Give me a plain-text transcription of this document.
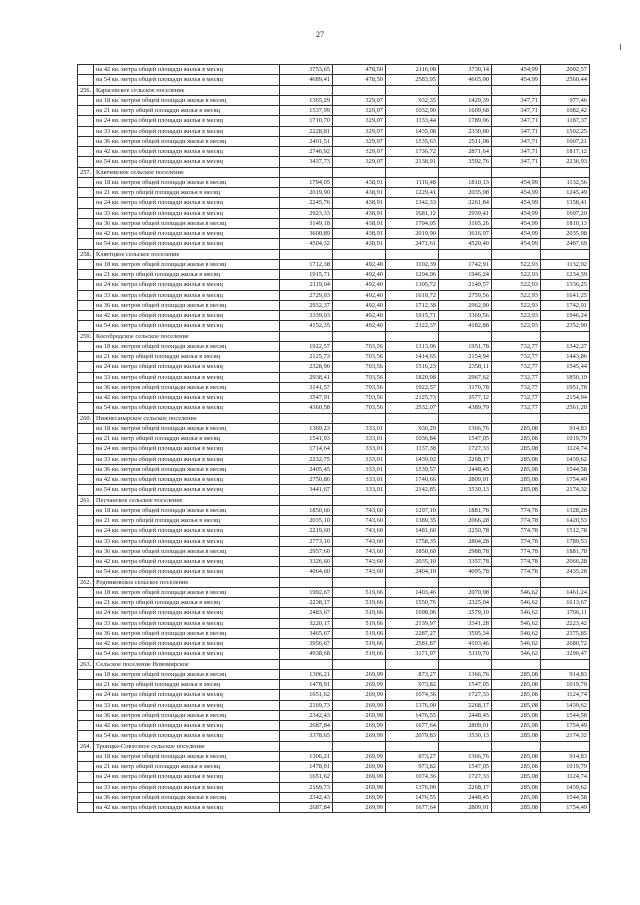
27
	на 42 кв. метра общей площади жилья в месяц	3753,65	478,50	2116,08	3730,14	454,99	2092,57
	на 54 кв. метра общей площади жилья в месяц	4689,41	478,50	2583,95	4665,90	454,99	2560,44
256.	Карасевское сельское поселение						
	на 18 кв. метров общей площади жилья в месяц	1365,29	329,07	932,35	1429,39	347,71	977,46
	на 21 кв. метр общей площади жилья в месяц	1537,99	329,07	1032,90	1609,68	347,71	1082,42
	на 24 кв. метра общей площади жилья в месяц	1710,70	329,07	1133,44	1789,96	347,71	1187,37
	на 33 кв. метра общей площади жилья в месяц	2228,81	329,07	1435,08	2330,80	347,71	1502,25
	на 36 кв. метров общей площади жилья в месяц	2401,51	329,07	1535,63	2511,08	347,71	1607,21
	на 42 кв. метра общей площади жилья в месяц	2746,92	329,07	1736,72	2871,64	347,71	1817,12
	на 54 кв. метра общей площади жилья в месяц	3437,73	329,07	2138,91	3592,76	347,71	2236,93
257.	Ключевское сельское поселение						
	на 18 кв. метров общей площади жилья в месяц	1794,05	438,91	1116,48	1810,13	454,99	1132,56
	на 21 кв. метр общей площади жилья в месяц	2019,90	438,91	1229,41	2035,98	454,99	1245,49
	на 24 кв. метра общей площади жилья в месяц	2245,76	438,91	1342,33	2261,84	454,99	1358,41
	на 33 кв. метра общей площади жилья в месяц	2923,33	438,91	1681,12	2939,41	454,99	1697,20
	на 36 кв. метров общей площади жилья в месяц	3149,18	438,91	1794,05	3165,26	454,99	1810,13
	на 42 кв. метра общей площади жилья в месяц	3600,89	438,91	2019,90	3616,97	454,99	2035,98
	на 54 кв. метра общей площади жилья в месяц	4504,32	438,91	2471,61	4520,40	454,99	2487,69
258.	Кляетцкое сельское поселение						
	на 18 кв. метров общей площади жилья в месяц	1712,38	492,40	1102,39	1742,91	522,93	1132,92
	на 21 кв. метр общей площади жилья в месяц	1915,71	492,40	1204,06	1946,24	522,93	1234,59
	на 24 кв. метра общей площади жилья в месяц	2119,04	492,40	1305,72	2149,57	522,93	1336,25
	на 33 кв. метра общей площади жилья в месяц	2729,03	492,40	1610,72	2759,56	522,93	1641,25
	на 36 кв. метров общей площади жилья в месяц	2932,37	492,40	1712,38	2962,90	522,93	1742,91
	на 42 кв. метра общей площади жилья в месяц	3339,03	492,40	1915,71	3369,56	522,93	1946,24
	на 54 кв. метра общей площади жилья в месяц	4152,35	492,40	2322,37	4182,88	522,93	2352,90
259.	Кособродское сельское поселение						
	на 18 кв. метров общей площади жилья в месяц	1922,57	703,56	1313,06	1951,78	732,77	1342,27
	на 21 кв. метр общей площади жилья в месяц	2125,73	703,56	1414,65	2154,94	732,77	1443,86
	на 24 кв. метра общей площади жилья в месяц	2328,90	703,56	1516,23	2358,11	732,77	1545,44
	на 33 кв. метра общей площади жилья в месяц	2938,41	703,56	1820,98	2967,62	732,77	1850,19
	на 36 кв. метров общей площади жилья в месяц	3141,57	703,56	1922,57	3170,78	732,77	1951,78
	на 42 кв. метра общей площади жилья в месяц	3547,91	703,56	2125,73	3577,12	732,77	2154,94
	на 54 кв. метра общей площади жилья в месяц	4360,58	703,56	2532,07	4389,79	732,77	2561,28
260.	Нижнесанарское сельское поселение						
	на 18 кв. метров общей площади жилья в месяц	1369,23	333,01	936,29	1366,76	285,08	914,83
	на 21 кв. метр общей площади жилья в месяц	1541,93	333,01	1036,84	1547,05	285,08	1019,79
	на 24 кв. метра общей площади жилья в месяц	1714,64	333,01	1137,38	1727,33	285,08	1124,74
	на 33 кв. метра общей площади жилья в месяц	2232,75	333,01	1439,02	2268,17	285,08	1439,62
	на 36 кв. метров общей площади жилья в месяц	2405,45	333,01	1539,57	2448,45	285,08	1544,58
	на 42 кв. метра общей площади жилья в месяц	2750,86	333,01	1740,66	2809,01	285,08	1754,49
	на 54 кв. метра общей площади жилья в месяц	3441,67	333,01	2142,85	3530,13	285,08	2174,32
261.	Песчанское сельское поселение						
	на 18 кв. метров общей площади жилья в месяц	1850,60	743,60	1297,10	1881,78	774,78	1328,28
	на 21 кв. метр общей площади жилья в месяц	2035,10	743,60	1389,35	2066,28	774,78	1420,53
	на 24 кв. метра общей площади жилья в месяц	2219,60	743,60	1481,60	2250,78	774,78	1512,78
	на 33 кв. метра общей площади жилья в месяц	2773,10	743,60	1758,35	2804,28	774,78	1789,53
	на 36 кв. метров общей площади жилья в месяц	2957,60	743,60	1850,60	2988,78	774,78	1881,78
	на 42 кв. метра общей площади жилья в месяц	3326,60	743,60	2035,10	3357,78	774,78	2066,28
	на 54 кв. метра общей площади жилья в месяц	4064,60	743,60	2404,10	4095,78	774,78	2435,28
262.	Родниковское сельское поселение						
	на 18 кв. метров общей площади жилья в месяц	1992,67	519,66	1403,46	2070,98	546,62	1461,24
	на 21 кв. метр общей площади жилья в месяц	2238,17	519,66	1550,76	2325,04	546,62	1613,67
	на 24 кв. метра общей площади жилья в месяц	2483,67	519,66	1698,06	2579,10	546,62	1766,11
	на 33 кв. метра общей площади жилья в месяц	3220,17	519,66	2139,97	3341,28	546,62	2223,42
	на 36 кв. метров общей площади жилья в месяц	3465,67	519,66	2287,27	3595,34	546,62	2375,85
	на 42 кв. метра общей площади жилья в месяц	3956,67	519,66	2581,87	4103,46	546,62	2680,72
	на 54 кв. метра общей площади жилья в месяц	4938,68	519,66	3171,07	5119,70	546,62	3290,47
263.	Сельское поселение Новомирское						
	на 18 кв. метров общей площади жилья в месяц	1306,21	269,99	873,27	1366,76	285,08	914,83
	на 21 кв. метр общей площади жилья в месяц	1478,91	269,99	973,82	1547,05	285,08	1019,79
	на 24 кв. метра общей площади жилья в месяц	1651,62	269,99	1074,36	1727,33	285,08	1124,74
	на 33 кв. метра общей площади жилья в месяц	2169,73	269,99	1376,00	2268,17	285,08	1439,62
	на 36 кв. метров общей площади жилья в месяц	2342,43	269,99	1476,55	2448,45	285,08	1544,58
	на 42 кв. метра общей площади жилья в месяц	2687,84	269,99	1677,64	2809,01	285,08	1754,49
	на 54 кв. метра общей площади жилья в месяц	3378,65	269,99	2079,83	3530,13	285,08	2174,32
264.	Троицко-Совхозное сельское поселение						
	на 18 кв. метров общей площади жилья в месяц	1306,21	269,99	873,27	1366,76	285,08	914,83
	на 21 кв. метр общей площади жилья в месяц	1478,91	269,99	973,82	1547,05	285,08	1019,79
	на 24 кв. метра общей площади жилья в месяц	1651,62	269,99	1074,36	1727,33	285,08	1124,74
	на 33 кв. метра общей площади жилья в месяц	2169,73	269,99	1376,00	2268,17	285,08	1439,62
	на 36 кв. метров общей площади жилья в месяц	2342,43	269,99	1476,55	2448,45	285,08	1544,58
	на 42 кв. метра общей площади жилья в месяц	2687,84	269,99	1677,64	2809,01	285,08	1754,49
